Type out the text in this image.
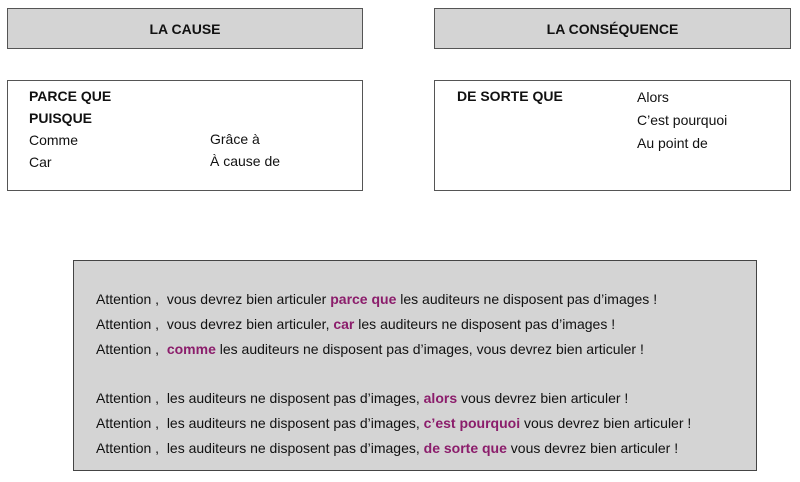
LA CAUSE	LA CONSÉQUENCE
PARCE QUE
PUISQUE
Comme
Car
Grâce à
À cause de
DE SORTE QUE	Alors
C’est pourquoi
Au point de
Attention ,  vous devrez bien articuler parce que les auditeurs ne disposent pas d’images !
Attention ,  vous devrez bien articuler, car les auditeurs ne disposent pas d’images !
Attention ,  comme les auditeurs ne disposent pas d’images, vous devrez bien articuler !
Attention ,  les auditeurs ne disposent pas d’images, alors vous devrez bien articuler !
Attention ,  les auditeurs ne disposent pas d’images, c’est pourquoi vous devrez bien articuler !
Attention ,  les auditeurs ne disposent pas d’images, de sorte que vous devrez bien articuler !
